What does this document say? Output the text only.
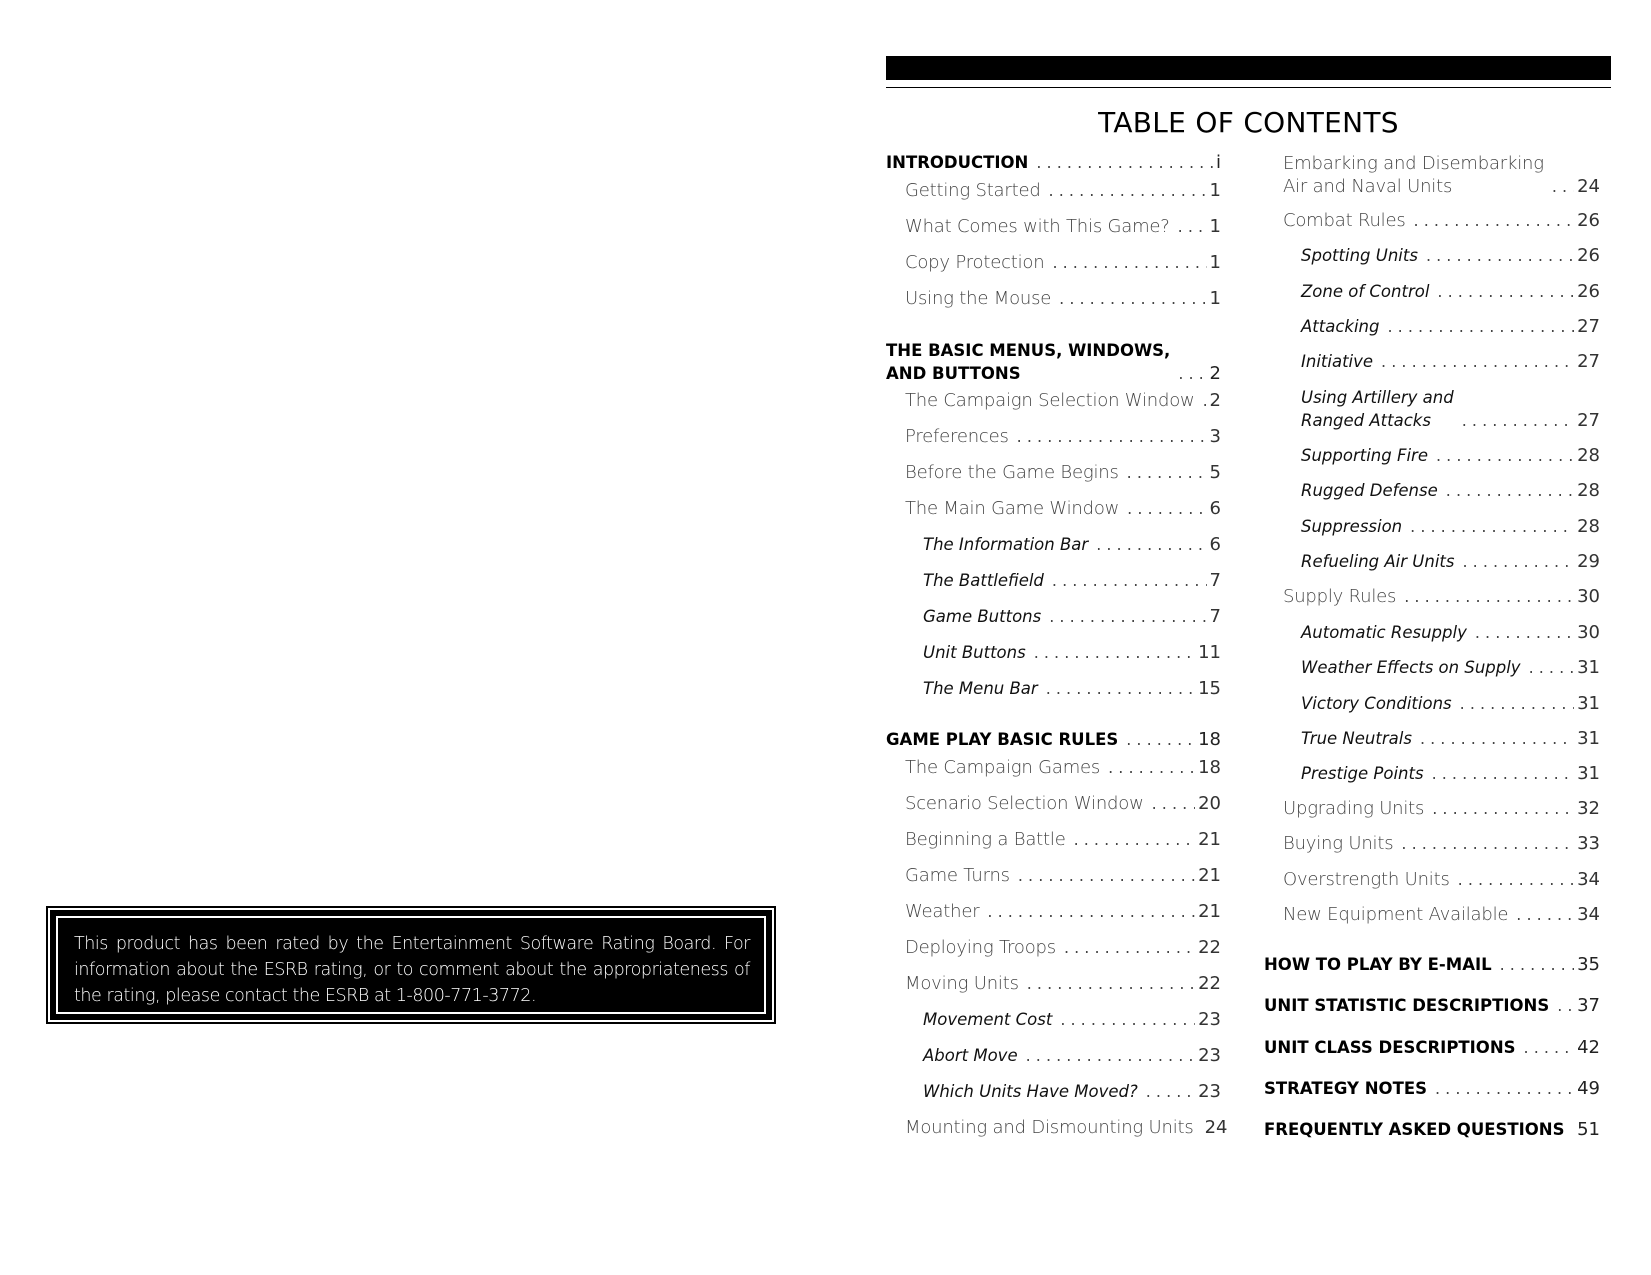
This product has been rated by the Entertainment Software Rating Board. For information about the ESRB rating, or to comment about the appropriateness of the rating, please contact the ESRB at 1-800-771-3772.
TABLE OF CONTENTS
INTRODUCTION . . .	i
Getting Started . . .	1
What Comes with This Game? . . . 1
Copy Protection . . .	1
Using the Mouse . . .	1
THE BASIC MENUS, WINDOWS,
AND BUTTONS . . .	2
The Campaign Selection Window . . . 2
Preferences . . .	3
Before the Game Begins . . .	5
The Main Game Window . . .	6
The Information Bar . . .	6
The Battlefield . . .	7
Game Buttons . . .	7
Unit Buttons . . .	11
The Menu Bar . . .	15
GAME PLAY BASIC RULES . . .	18
The Campaign Games . . .	18
Scenario Selection Window . . .	20
Beginning a Battle . . .	21
Game Turns . . .	21
Weather . . .	21
Deploying Troops . . .	22
Moving Units . . .	22
Movement Cost . . .	23
Abort Move . . .	23
Which Units Have Moved? . . .	23
Mounting and Dismounting Units 24
Embarking and Disembarking
Air and Naval Units . . .	24
Combat Rules . . .	26
Spotting Units . . .	26
Zone of Control . . .	26
Attacking . . .	27
Initiative . . .	27
Using Artillery and
Ranged Attacks . . .	27
Supporting Fire . . .	28
Rugged Defense . . .	28
Suppression . . .	28
Refueling Air Units . . .	29
Supply Rules . . .	30
Automatic Resupply . . .	30
Weather Effects on Supply . . .	31
Victory Conditions . . .	31
True Neutrals . . .	31
Prestige Points . . .	31
Upgrading Units . . .	32
Buying Units . . .	33
Overstrength Units . . .	34
New Equipment Available . . .	34
HOW TO PLAY BY E-MAIL . . .	35
UNIT STATISTIC DESCRIPTIONS . . . 37
UNIT CLASS DESCRIPTIONS . . .	42
STRATEGY NOTES . . .	49
FREQUENTLY ASKED QUESTIONS . . . 51
